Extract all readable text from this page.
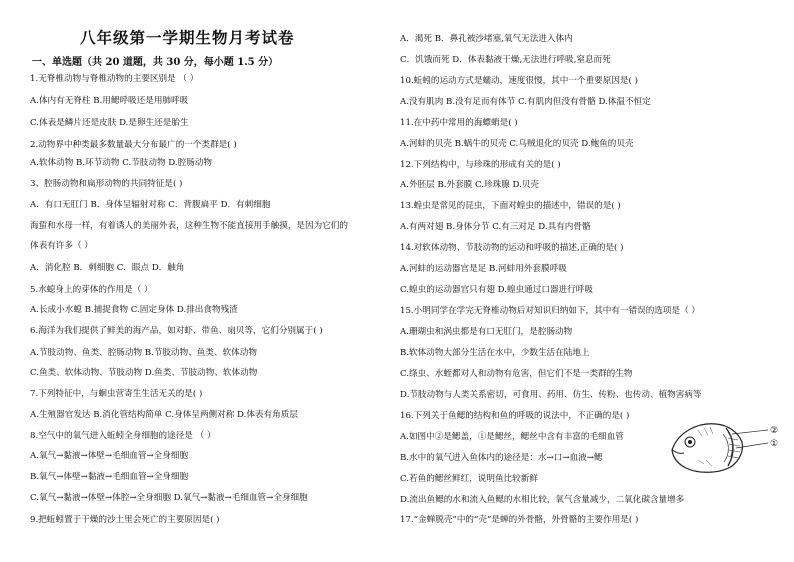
八年级第一学期生物月考试卷
一、单选题（共 20 道题，共 30 分，每小题 1.5 分）
1.无脊椎动物与脊椎动物的主要区别是 （ ）
A.体内有无脊柱 B.用鳃呼吸还是用肺呼吸
C.体表是鳞片还是皮肤 D.是卵生还是胎生
2.动物界中种类最多数量最大分布最广的一个类群是( )
A.软体动物 B.环节动物 C.节肢动物 D.腔肠动物
3、腔肠动物和扁形动物的共同特征是( )
A．有口无肛门 B．身体呈辐射对称 C．背腹扁平 D．有刺细胞
海蜇和水母一样，有着诱人的美丽外表，这种生物不能直接用手触摸，是因为它们的
体表有许多（ ）
A．消化腔 B．刺细胞 C．眼点 D．触角
5.水螅身上的芽体的作用是（ ）
A.长成小水螅 B.捕捉食物 C.固定身体 D.排出食物残渣
6.海洋为我们提供了鲜美的海产品，如对虾、带鱼、扇贝等，它们分别属于( )
A.节肢动物、鱼类、腔肠动物 B.节肢动物、鱼类、软体动物
C.鱼类、软体动物、节肢动物 D.鱼类、节肢动物、软体动物
7.下列特征中，与蛔虫营寄生生活无关的是( )
A.生殖器官发达 B.消化管结构简单 C.身体呈两侧对称 D.体表有角质层
8.空气中的氧气进入蚯蚓全身细胞的途径是 （ ）
A.氧气→黏液→体壁→毛细血管→全身细胞
B.氧气→体壁→黏液→毛细血管→全身细胞
C.氧气→黏液→体壁→体腔→全身细胞 D.氧气→黏液→毛细血管→全身细胞
9.把蚯蚓置于干燥的沙土里会死亡的主要原因是( )
A．渴死 B．鼻孔被沙堵塞,氧气无法进入体内
C．饥饿而死 D．体表黏液干燥,无法进行呼吸,窒息而死
10.蚯蚓的运动方式是蠕动，速度很慢，其中一个重要原因是( )
A.没有肌肉 B.没有足而有体节 C.有肌肉但没有骨骼 D.体温不恒定
11.在中药中常用的海螵蛸是( )
A.河蚌的贝壳 B.蜗牛的贝壳 C.乌贼退化的贝壳 D.鲍鱼的贝壳
12.下列结构中，与珍珠的形成有关的是( )
A.外胚层 B.外套膜 C.珍珠腺 D.贝壳
13.蝗虫是常见的昆虫，下面对蝗虫的描述中，错误的是( )
A.有两对翅 B.身体分节 C.有三对足 D.具有内骨骼
14.对软体动物、节肢动物的运动和呼吸的描述,正确的是( )
A.河蚌的运动器官是足 B.河蚌用外套膜呼吸
C.蝗虫的运动器官只有翅 D.蝗虫通过口器进行呼吸
15.小明同学在学完无脊椎动物后对知识归纳如下，其中有一错误的选项是（ ）
A.珊瑚虫和涡虫都是有口无肛门，是腔肠动物
B.软体动物大部分生活在水中，少数生活在陆地上
C.绦虫、水蛭都对人和动物有危害，但它们不是一类群的生物
D.节肢动物与人类关系密切，可食用、药用、仿生、传粉、也传动、植物害病等
16.下列关于鱼鳃的结构和鱼的呼吸的说法中，不正确的是( )
A.如图中②是鳃盖，①是鳃丝，鳃丝中含有丰富的毛细血管
B.水中的氧气进入鱼体内的途径是：水→口→血液→鳃
C.若鱼的鳃丝鲜红，说明鱼比较新鲜
D.流出鱼鳃的水和流入鱼鳃的水相比较，氧气含量减少，二氧化碳含量增多
17.“金蝉脱壳”中的“壳”是蝉的外骨骼，外骨骼的主要作用是( )
②
①
